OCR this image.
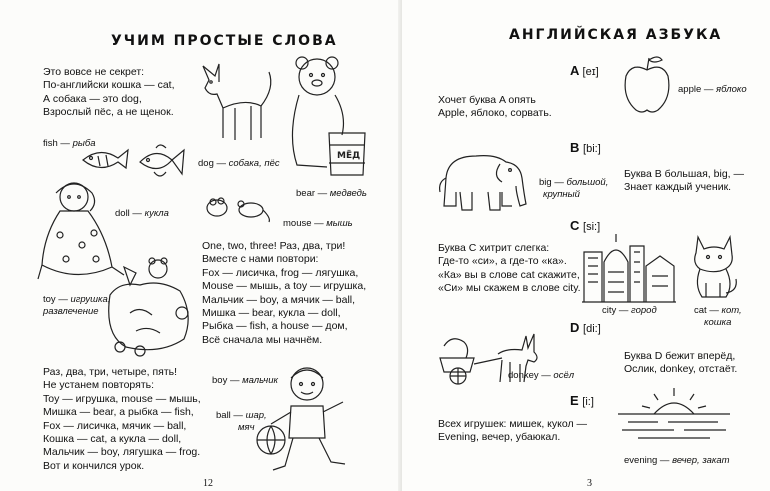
УЧИМ ПРОСТЫЕ СЛОВА

Это вовсе не секрет:

По-английски кошка — cat,

А собака — это dog,

Взрослый пёс, а не щенок.

fish — рыба
dog — собака, пёс
МЁД
bear — медведь
doll — кукла
mouse — мышь

One, two, three! Раз, два, три!

Вместе с нами повтори:

Fox — лисичка, frog — лягушка,

Mouse — мышь, а toy — игрушка,

Мальчик — boy, а мячик — ball,

Мишка — bear, кукла — doll,

Рыбка — fish, а house — дом,

Всё сначала мы начнём.

toy — игрушка,
развлечение

Раз, два, три, четыре, пять!

Не устанем повторять:

Toy — игрушка, mouse — мышь,

Мишка — bear, а рыбка — fish,

Fox — лисичка, мячик — ball,

Кошка — cat, а кукла — doll,

Мальчик — boy, лягушка — frog.

Вот и кончился урок.

boy — мальчик
ball — шар,
мяч
12
АНГЛИЙСКАЯ АЗБУКА
A [eɪ]
apple — яблоко

Хочет буква A опять

Apple, яблоко, сорвать.

B [bi:]
big — большой,
крупный

Буква B большая, big, —

Знает каждый ученик.

C [si:]

Буква C хитрит слегка:

Где-то «си», а где-то «ка».

«Ка» вы в слове cat скажите,

«Си» мы скажем в слове city.

city — город	cat — кот,
кошка
D [di:]
donkey — осёл

Буква D бежит вперёд,

Ослик, donkey, отстаёт.

E [i:]

Всех игрушек: мишек, кукол —

Evening, вечер, убаюкал.

evening — вечер, закат
3
